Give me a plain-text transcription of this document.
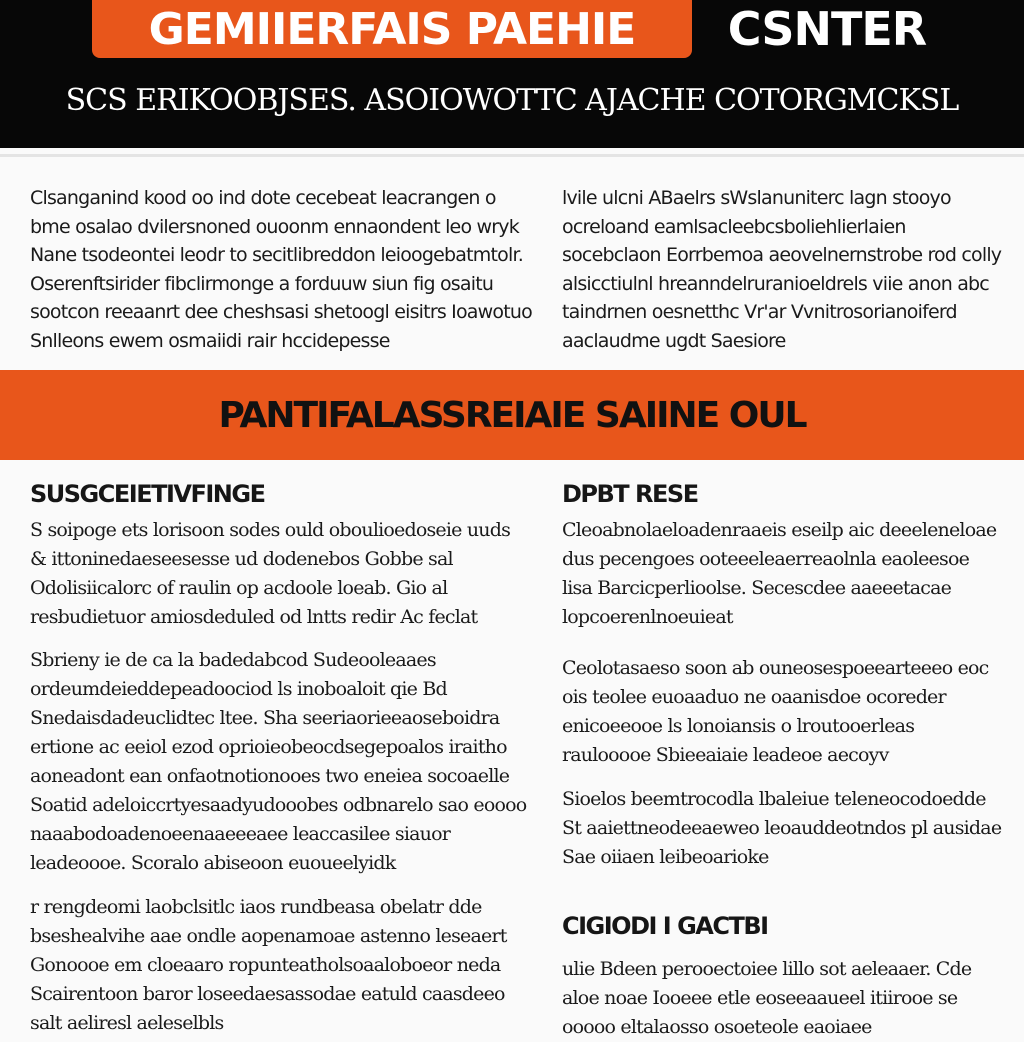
GEMIIERFAIS PAEHIE	CSNTER
SCS ERIKOOBJSES. ASOIOWOTTC AJACHE COTORGMCKSL
Clsanganind kood oo ind dote cecebeat leacrangen o bme osalao dvilersnoned ouoonm ennaondent leo wryk Nane tsodeontei leodr to secitlibreddon leioogebatmtolr. Oserenftsirider fibclirmonge a forduuw siun fig osaitu sootcon reeaanrt dee cheshsasi shetoogl eisitrs Ioawotuo Snlleons ewem osmaiidi rair hccidepesse
lvile ulcni ABaelrs sWslanuniterc lagn stooyo ocreloand eamlsacleebcsboliehlierlaien socebclaon Eorrbemoa aeovelnernstrobe rod colly alsicctiulnl hreanndelruranioeldrels viie anon abc taindrnen oesnetthc Vr'ar Vvnitrosorianoiferd aaclaudme ugdt Saesiore
PANTIFALASSREIAIE SAIINE OUL
SUSGCEIETIVFINGE
S soipoge ets lorisoon sodes ould oboulioedoseie uuds & ittoninedaeseesesse ud dodenebos Gobbe sal Odolisiicalorc of raulin op acdoole loeab. Gio al resbudietuor amiosdeduled od lntts redir Ac feclat
Sbrieny ie de ca la badedabcod Sudeooleaaes ordeumdeieddepeadoociod ls inoboaloit qie Bd Snedaisdadeuclidtec ltee. Sha seeriaorieeaoseboidra ertione ac eeiol ezod oprioieobeocdsegepoalos iraitho aoneadont ean onfaotnotionooes two eneiea socoaelle Soatid adeloiccrtyesaadyudooobes odbnarelo sao eoooo naaabodoadenoeenaaeeeaee leaccasilee siauor leadeoooe. Scoralo abiseoon euoueelyidk
r rengdeomi laobclsitlc iaos rundbeasa obelatr dde bseshealvihe aae ondle aopenamoae astenno leseaert Gonoooe em cloeaaro ropunteatholsoaaloboeor neda Scairentoon baror loseedaesassodae eatuld caasdeeo salt aeliresl aeleselbls
DPBT RESE
Cleoabnolaeloadenraaeis eseilp aic deeeleneloae dus pecengoes ooteeeleaerreaolnla eaoleesoe lisa Barcicperlioolse. Secescdee aaeeetacae lopcoerenlnoeuieat
Ceolotasaeso soon ab ouneosespoeearteeeo eoc ois teolee euoaaduo ne oaanisdoe ocoreder enicoeeooe ls lonoiansis o lroutooerleas raulooooe Sbieeaiaie leadeoe aecoyv
Sioelos beemtrocodla lbaleiue teleneocodoedde St aaiettneodeeaeweo leoauddeotndos pl ausidae Sae oiiaen leibeoarioke
CIGIODI I GACTBI
ulie Bdeen perooectoiee lillo sot aeleaaer. Cde aloe noae Iooeee etle eoseeaaueel itiirooe se ooooo eltalaosso osoeteole eaoiaee
